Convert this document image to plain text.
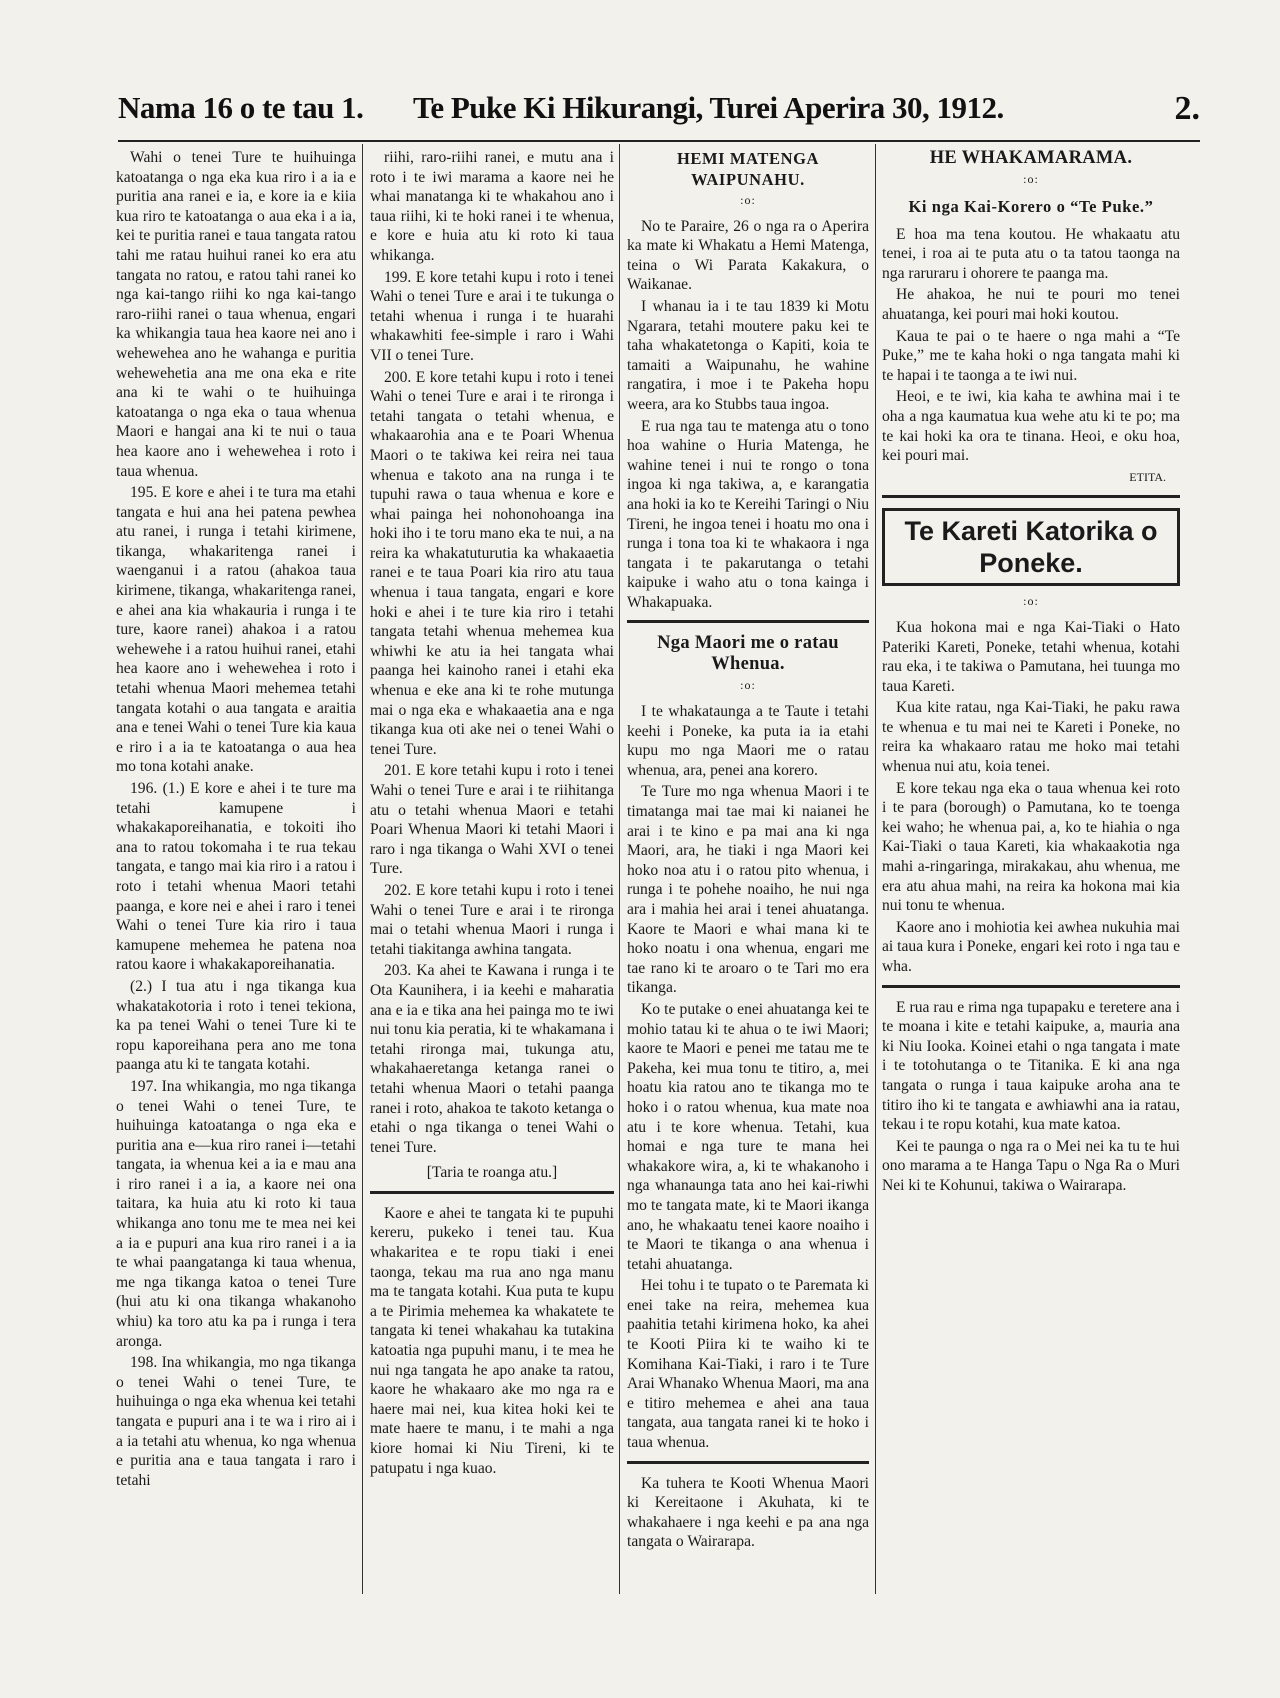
Nama 16 o te tau 1. Te Puke Ki Hikurangi, Turei Aperira 30, 1912.	2.

Wahi o tenei Ture te huihuinga katoatanga o nga eka kua riro i a ia e puritia ana ranei e ia, e kore ia e kiia kua riro te katoatanga o aua eka i a ia, kei te puritia ranei e taua tangata ratou tahi me ratau huihui ranei ko era atu tangata no ratou, e ratou tahi ranei ko nga kai-tango riihi ko nga kai-tango raro-riihi ranei o taua whenua, engari ka whikangia taua hea kaore nei ano i wehewehea ano he wahanga e puritia wehewehetia ana me ona eka e rite ana ki te wahi o te huihuinga katoatanga o nga eka o taua whenua Maori e hangai ana ki te nui o taua hea kaore ano i wehewehea i roto i taua whenua.

195. E kore e ahei i te tura ma etahi tangata e hui ana hei patena pewhea atu ranei, i runga i tetahi kirimene, tikanga, whakaritenga ranei i waenganui i a ratou (ahakoa taua kirimene, tikanga, whakaritenga ranei, e ahei ana kia whakauria i runga i te ture, kaore ranei) ahakoa i a ratou wehewehe i a ratou huihui ranei, etahi hea kaore ano i wehewehea i roto i tetahi whenua Maori mehemea tetahi tangata kotahi o aua tangata e araitia ana e tenei Wahi o tenei Ture kia kaua e riro i a ia te katoatanga o aua hea mo tona kotahi anake.

196. (1.) E kore e ahei i te ture ma tetahi kamupene i whakakaporeihanatia, e tokoiti iho ana to ratou tokomaha i te rua tekau tangata, e tango mai kia riro i a ratou i roto i tetahi whenua Maori tetahi paanga, e kore nei e ahei i raro i tenei Wahi o tenei Ture kia riro i taua kamupene mehemea he patena noa ratou kaore i whakakaporeihanatia.

(2.) I tua atu i nga tikanga kua whakatakotoria i roto i tenei tekiona, ka pa tenei Wahi o tenei Ture ki te ropu kaporeihana pera ano me tona paanga atu ki te tangata kotahi.

197. Ina whikangia, mo nga tikanga o tenei Wahi o tenei Ture, te huihuinga katoatanga o nga eka e puritia ana e—kua riro ranei i—tetahi tangata, ia whenua kei a ia e mau ana i riro ranei i a ia, a kaore nei ona taitara, ka huia atu ki roto ki taua whikanga ano tonu me te mea nei kei a ia e pupuri ana kua riro ranei i a ia te whai paangatanga ki taua whenua, me nga tikanga katoa o tenei Ture (hui atu ki ona tikanga whakanoho whiu) ka toro atu ka pa i runga i tera aronga.

198. Ina whikangia, mo nga tikanga o tenei Wahi o tenei Ture, te huihuinga o nga eka whenua kei tetahi tangata e pupuri ana i te wa i riro ai i a ia tetahi atu whenua, ko nga whenua e puritia ana e taua tangata i raro i tetahi

riihi, raro-riihi ranei, e mutu ana i roto i te iwi marama a kaore nei he whai manatanga ki te whakahou ano i taua riihi, ki te hoki ranei i te whenua, e kore e huia atu ki roto ki taua whikanga.

199. E kore tetahi kupu i roto i tenei Wahi o tenei Ture e arai i te tukunga o tetahi whenua i runga i te huarahi whakawhiti fee-simple i raro i Wahi VII o tenei Ture.

200. E kore tetahi kupu i roto i tenei Wahi o tenei Ture e arai i te rironga i tetahi tangata o tetahi whenua, e whakaarohia ana e te Poari Whenua Maori o te takiwa kei reira nei taua whenua e takoto ana na runga i te tupuhi rawa o taua whenua e kore e whai painga hei nohonohoanga ina hoki iho i te toru mano eka te nui, a na reira ka whakatuturutia ka whakaaetia ranei e te taua Poari kia riro atu taua whenua i taua tangata, engari e kore hoki e ahei i te ture kia riro i tetahi tangata tetahi whenua mehemea kua whiwhi ke atu ia hei tangata whai paanga hei kainoho ranei i etahi eka whenua e eke ana ki te rohe mutunga mai o nga eka e whakaaetia ana e nga tikanga kua oti ake nei o tenei Wahi o tenei Ture.

201. E kore tetahi kupu i roto i tenei Wahi o tenei Ture e arai i te riihitanga atu o tetahi whenua Maori e tetahi Poari Whenua Maori ki tetahi Maori i raro i nga tikanga o Wahi XVI o tenei Ture.

202. E kore tetahi kupu i roto i tenei Wahi o tenei Ture e arai i te rironga mai o tetahi whenua Maori i runga i tetahi tiakitanga awhina tangata.

203. Ka ahei te Kawana i runga i te Ota Kaunihera, i ia keehi e maharatia ana e ia e tika ana hei painga mo te iwi nui tonu kia peratia, ki te whakamana i tetahi rironga mai, tukunga atu, whakahaeretanga ketanga ranei o tetahi whenua Maori o tetahi paanga ranei i roto, ahakoa te takoto ketanga o etahi o nga tikanga o tenei Wahi o tenei Ture.

[Taria te roanga atu.]

Kaore e ahei te tangata ki te pupuhi kereru, pukeko i tenei tau. Kua whakaritea e te ropu tiaki i enei taonga, tekau ma rua ano nga manu ma te tangata kotahi. Kua puta te kupu a te Pirimia mehemea ka whakatete te tangata ki tenei whakahau ka tutakina katoatia nga pupuhi manu, i te mea he nui nga tangata he apo anake ta ratou, kaore he whakaaro ake mo nga ra e haere mai nei, kua kitea hoki kei te mate haere te manu, i te mahi a nga kiore homai ki Niu Tireni, ki te patupatu i nga kuao.

HEMI MATENGA WAIPUNAHU.
:o:

No te Paraire, 26 o nga ra o Aperira ka mate ki Whakatu a Hemi Matenga, teina o Wi Parata Kakakura, o Waikanae.

I whanau ia i te tau 1839 ki Motu Ngarara, tetahi moutere paku kei te taha whakatetonga o Kapiti, koia te tamaiti a Waipunahu, he wahine rangatira, i moe i te Pakeha hopu weera, ara ko Stubbs taua ingoa.

E rua nga tau te matenga atu o tono hoa wahine o Huria Matenga, he wahine tenei i nui te rongo o tona ingoa ki nga takiwa, a, e karangatia ana hoki ia ko te Kereihi Taringi o Niu Tireni, he ingoa tenei i hoatu mo ona i runga i tona toa ki te whakaora i nga tangata i te pakarutanga o tetahi kaipuke i waho atu o tona kainga i Whakapuaka.

Nga Maori me o ratau Whenua.
:o:

I te whakataunga a te Taute i tetahi keehi i Poneke, ka puta ia ia etahi kupu mo nga Maori me o ratau whenua, ara, penei ana korero.

Te Ture mo nga whenua Maori i te timatanga mai tae mai ki naianei he arai i te kino e pa mai ana ki nga Maori, ara, he tiaki i nga Maori kei hoko noa atu i o ratou pito whenua, i runga i te pohehe noaiho, he nui nga ara i mahia hei arai i tenei ahuatanga. Kaore te Maori e whai mana ki te hoko noatu i ona whenua, engari me tae rano ki te aroaro o te Tari mo era tikanga.

Ko te putake o enei ahuatanga kei te mohio tatau ki te ahua o te iwi Maori; kaore te Maori e penei me tatau me te Pakeha, kei mua tonu te titiro, a, mei hoatu kia ratou ano te tikanga mo te hoko i o ratou whenua, kua mate noa atu i te kore whenua. Tetahi, kua homai e nga ture te mana hei whakakore wira, a, ki te whakanoho i nga whanaunga tata ano hei kai-riwhi mo te tangata mate, ki te Maori ikanga ano, he whakaatu tenei kaore noaiho i te Maori te tikanga o ana whenua i tetahi ahuatanga.

Hei tohu i te tupato o te Paremata ki enei take na reira, mehemea kua paahitia tetahi kirimena hoko, ka ahei te Kooti Piira ki te waiho ki te Komihana Kai-Tiaki, i raro i te Ture Arai Whanako Whenua Maori, ma ana e titiro mehemea e ahei ana taua tangata, aua tangata ranei ki te hoko i taua whenua.

Ka tuhera te Kooti Whenua Maori ki Kereitaone i Akuhata, ki te whakahaere i nga keehi e pa ana nga tangata o Wairarapa.

HE WHAKAMARAMA.
:o:
Ki nga Kai-Korero o “Te Puke.”

E hoa ma tena koutou. He whakaatu atu tenei, i roa ai te puta atu o ta tatou taonga na nga raruraru i ohorere te paanga ma.

He ahakoa, he nui te pouri mo tenei ahuatanga, kei pouri mai hoki koutou.

Kaua te pai o te haere o nga mahi a “Te Puke,” me te kaha hoki o nga tangata mahi ki te hapai i te taonga a te iwi nui.

Heoi, e te iwi, kia kaha te awhina mai i te oha a nga kaumatua kua wehe atu ki te po; ma te kai hoki ka ora te tinana. Heoi, e oku hoa, kei pouri mai.

ETITA.
Te Kareti Katorika o Poneke.
:o:

Kua hokona mai e nga Kai-Tiaki o Hato Pateriki Kareti, Poneke, tetahi whenua, kotahi rau eka, i te takiwa o Pamutana, hei tuunga mo taua Kareti.

Kua kite ratau, nga Kai-Tiaki, he paku rawa te whenua e tu mai nei te Kareti i Poneke, no reira ka whakaaro ratau me hoko mai tetahi whenua nui atu, koia tenei.

E kore tekau nga eka o taua whenua kei roto i te para (borough) o Pamutana, ko te toenga kei waho; he whenua pai, a, ko te hiahia o nga Kai-Tiaki o taua Kareti, kia whakaakotia nga mahi a-ringaringa, mirakakau, ahu whenua, me era atu ahua mahi, na reira ka hokona mai kia nui tonu te whenua.

Kaore ano i mohiotia kei awhea nukuhia mai ai taua kura i Poneke, engari kei roto i nga tau e wha.

E rua rau e rima nga tupapaku e teretere ana i te moana i kite e tetahi kaipuke, a, mauria ana ki Niu Iooka. Koinei etahi o nga tangata i mate i te totohutanga o te Titanika. E ki ana nga tangata o runga i taua kaipuke aroha ana te titiro iho ki te tangata e awhiawhi ana ia ratau, tekau i te ropu kotahi, kua mate katoa.

Kei te paunga o nga ra o Mei nei ka tu te hui ono marama a te Hanga Tapu o Nga Ra o Muri Nei ki te Kohunui, takiwa o Wairarapa.
